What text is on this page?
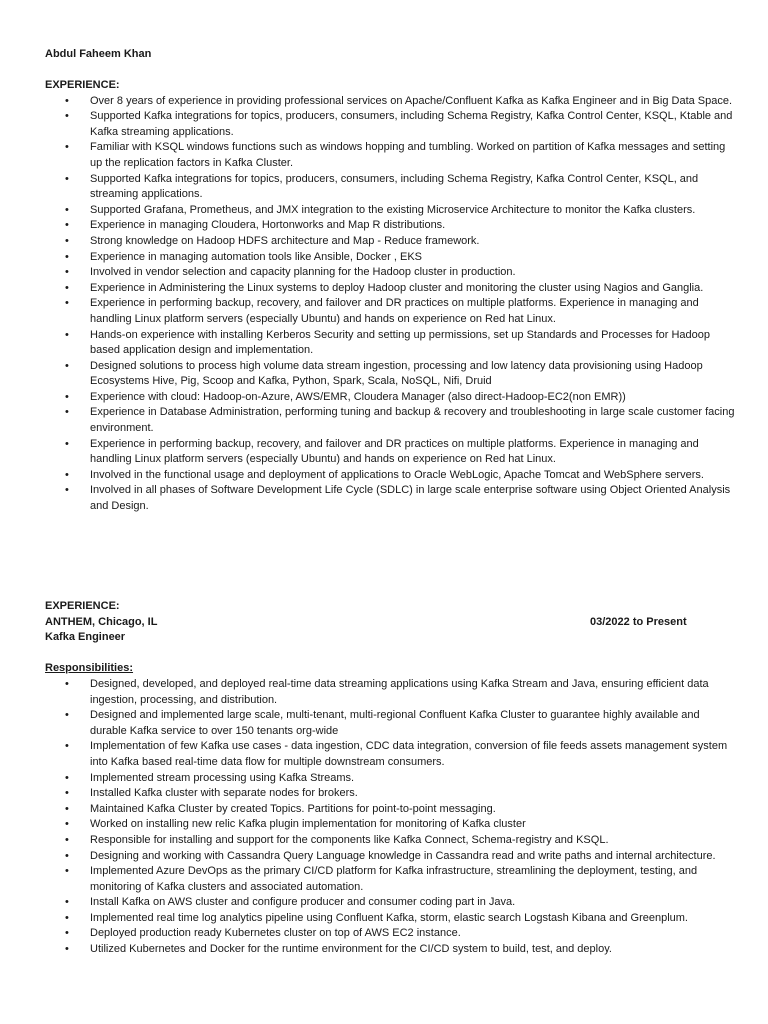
Abdul Faheem Khan
EXPERIENCE:
• Over 8 years of experience in providing professional services on Apache/Confluent Kafka as Kafka Engineer and in Big Data Space.
• Supported Kafka integrations for topics, producers, consumers, including Schema Registry, Kafka Control Center, KSQL, Ktable and Kafka streaming applications.
• Familiar with KSQL windows functions such as windows hopping and tumbling. Worked on partition of Kafka messages and setting up the replication factors in Kafka Cluster.
• Supported Kafka integrations for topics, producers, consumers, including Schema Registry, Kafka Control Center, KSQL, and streaming applications.
• Supported Grafana, Prometheus, and JMX integration to the existing Microservice Architecture to monitor the Kafka clusters.
• Experience in managing Cloudera, Hortonworks and Map R distributions.
• Strong knowledge on Hadoop HDFS architecture and Map - Reduce framework.
• Experience in managing automation tools like Ansible, Docker , EKS
• Involved in vendor selection and capacity planning for the Hadoop cluster in production.
• Experience in Administering the Linux systems to deploy Hadoop cluster and monitoring the cluster using Nagios and Ganglia.
• Experience in performing backup, recovery, and failover and DR practices on multiple platforms. Experience in managing and handling Linux platform servers (especially Ubuntu) and hands on experience on Red hat Linux.
• Hands-on experience with installing Kerberos Security and setting up permissions, set up Standards and Processes for Hadoop based application design and implementation.
• Designed solutions to process high volume data stream ingestion, processing and low latency data provisioning using Hadoop Ecosystems Hive, Pig, Scoop and Kafka, Python, Spark, Scala, NoSQL, Nifi, Druid
• Experience with cloud: Hadoop-on-Azure, AWS/EMR, Cloudera Manager (also direct-Hadoop-EC2(non EMR))
• Experience in Database Administration, performing tuning and backup & recovery and troubleshooting in large scale customer facing environment.
• Experience in performing backup, recovery, and failover and DR practices on multiple platforms. Experience in managing and handling Linux platform servers (especially Ubuntu) and hands on experience on Red hat Linux.
• Involved in the functional usage and deployment of applications to Oracle WebLogic, Apache Tomcat and WebSphere servers.
• Involved in all phases of Software Development Life Cycle (SDLC) in large scale enterprise software using Object Oriented Analysis and Design.
EXPERIENCE:
ANTHEM, Chicago, IL	03/2022 to Present
Kafka Engineer
Responsibilities:
• Designed, developed, and deployed real-time data streaming applications using Kafka Stream and Java, ensuring efficient data ingestion, processing, and distribution.
• Designed and implemented large scale, multi-tenant, multi-regional Confluent Kafka Cluster to guarantee highly available and durable Kafka service to over 150 tenants org-wide
• Implementation of few Kafka use cases - data ingestion, CDC data integration, conversion of file feeds assets management system into Kafka based real-time data flow for multiple downstream consumers.
• Implemented stream processing using Kafka Streams.
• Installed Kafka cluster with separate nodes for brokers.
• Maintained Kafka Cluster by created Topics. Partitions for point-to-point messaging.
• Worked on installing new relic Kafka plugin implementation for monitoring of Kafka cluster
• Responsible for installing and support for the components like Kafka Connect, Schema-registry and KSQL.
• Designing and working with Cassandra Query Language knowledge in Cassandra read and write paths and internal architecture.
• Implemented Azure DevOps as the primary CI/CD platform for Kafka infrastructure, streamlining the deployment, testing, and monitoring of Kafka clusters and associated automation.
• Install Kafka on AWS cluster and configure producer and consumer coding part in Java.
• Implemented real time log analytics pipeline using Confluent Kafka, storm, elastic search Logstash Kibana and Greenplum.
• Deployed production ready Kubernetes cluster on top of AWS EC2 instance.
• Utilized Kubernetes and Docker for the runtime environment for the CI/CD system to build, test, and deploy.
